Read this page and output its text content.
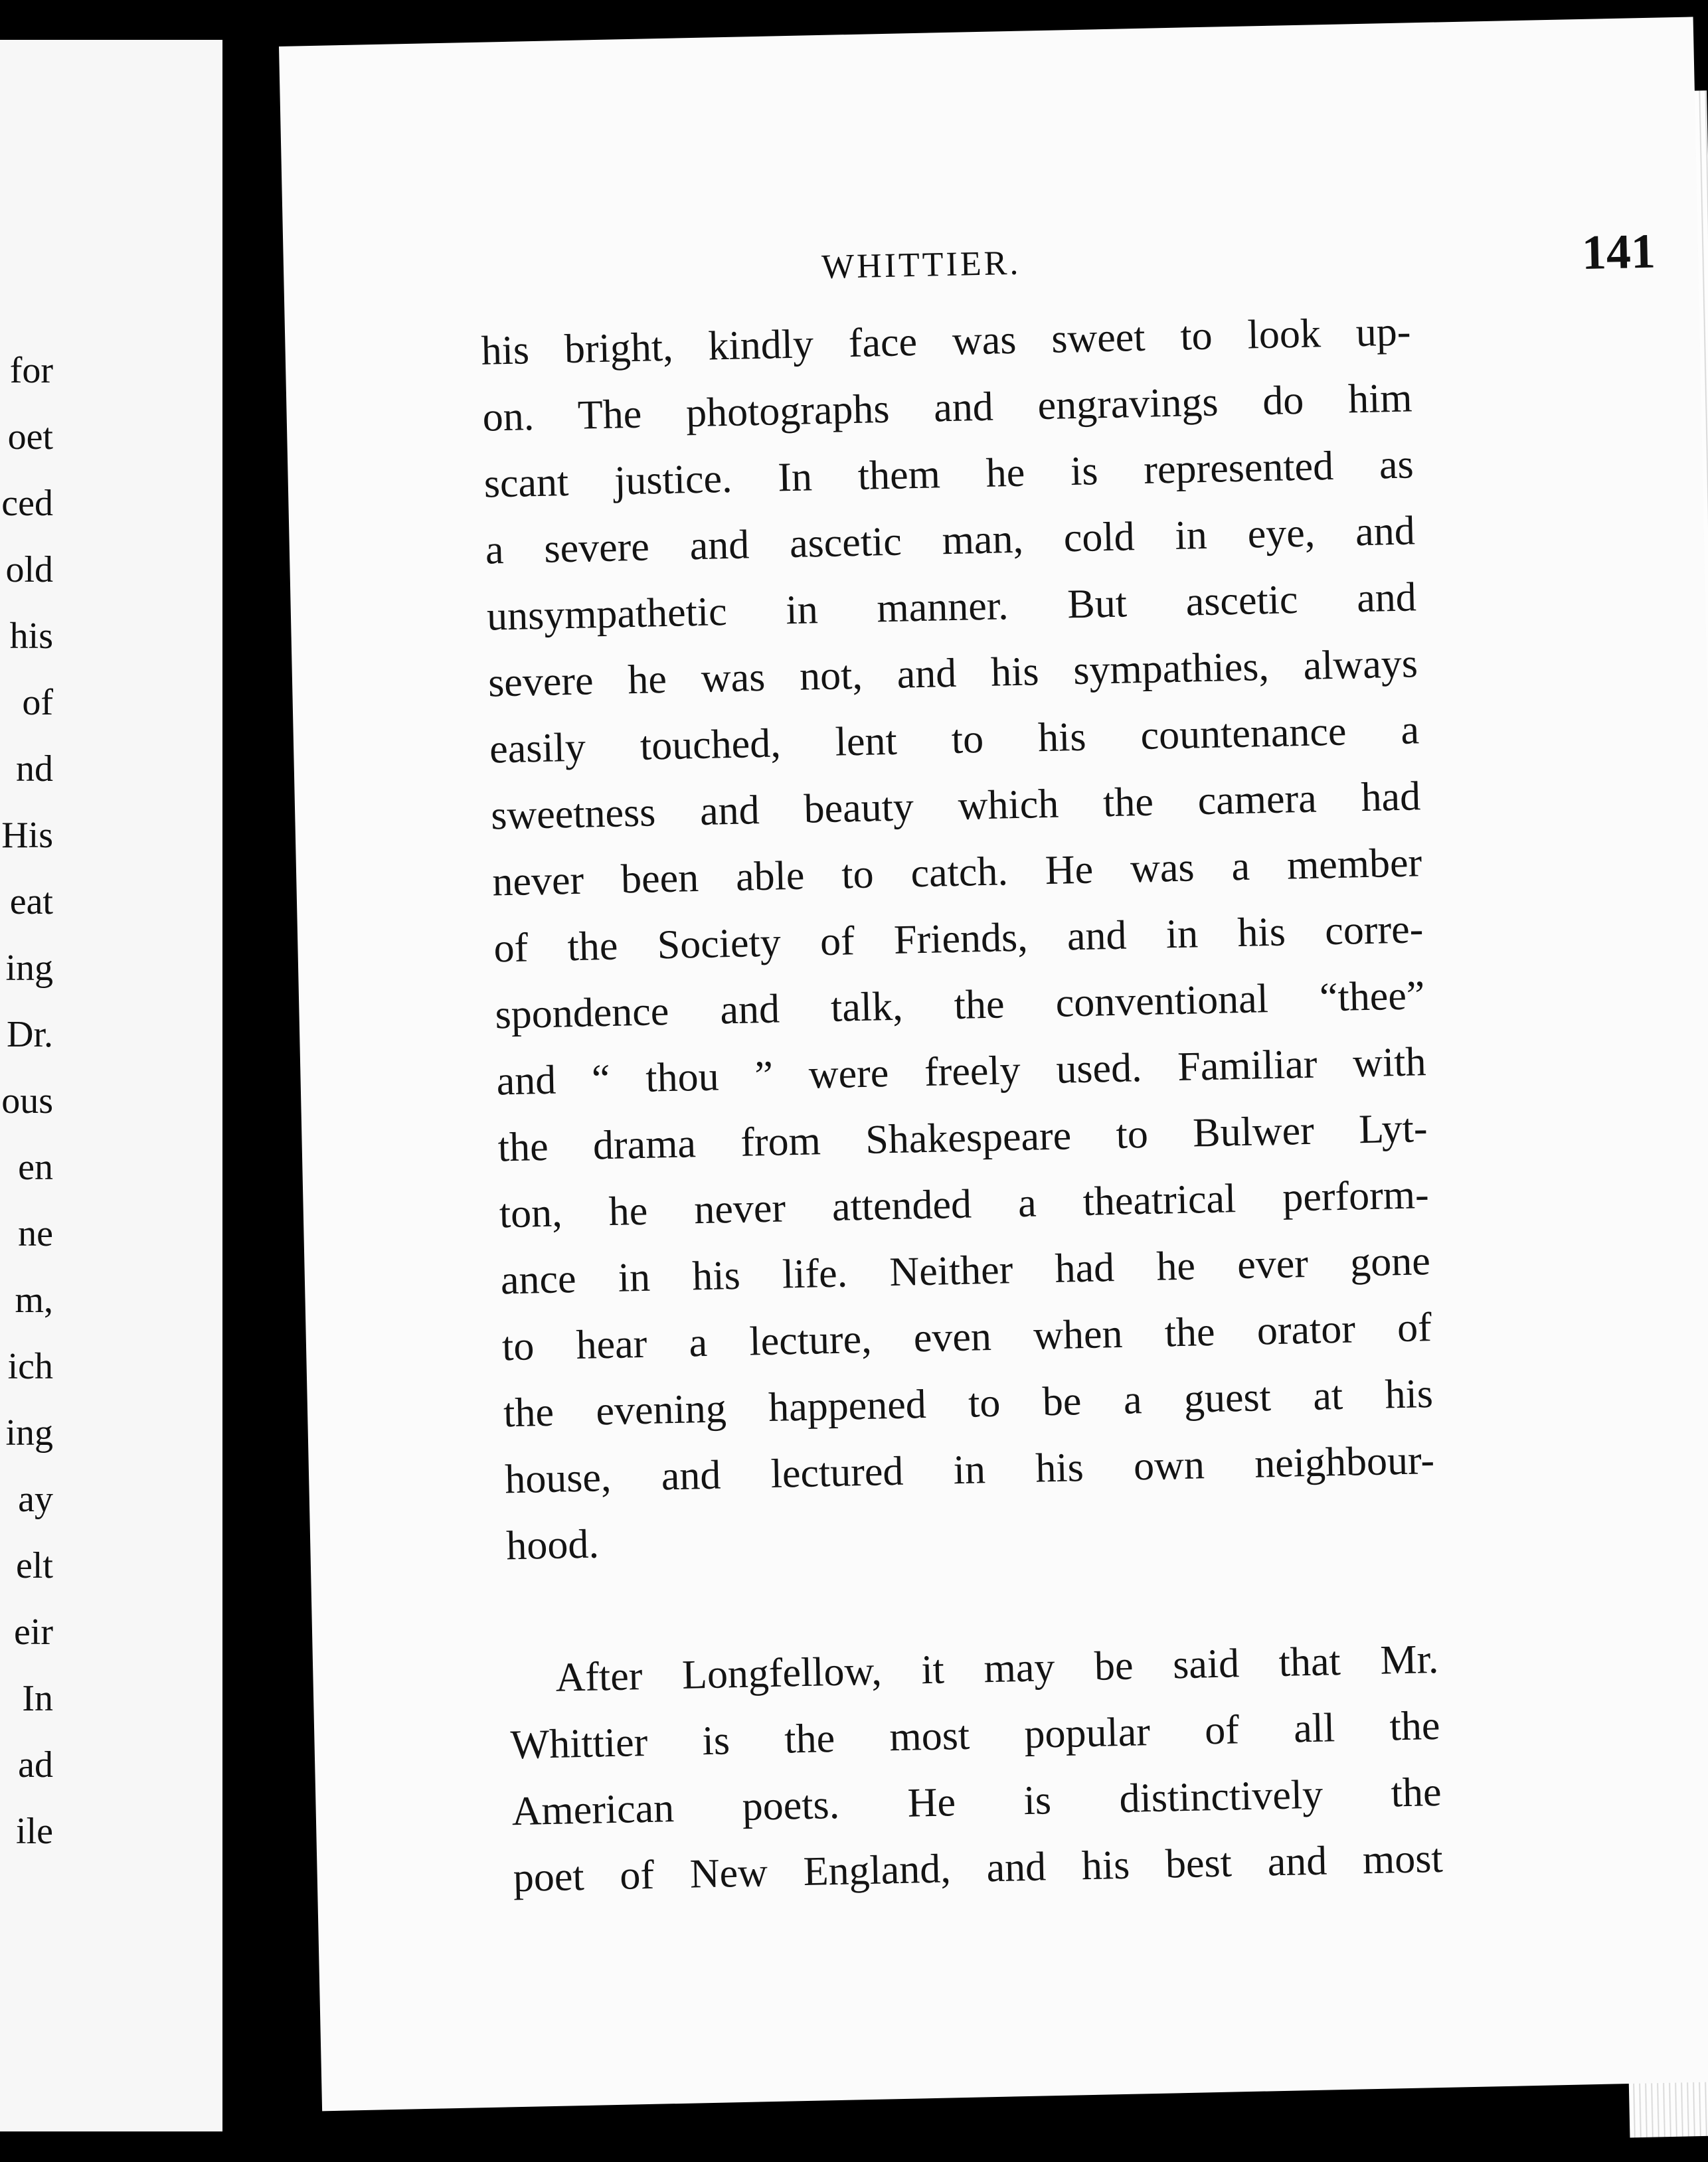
for
oet
ced
old
his
of
nd
His
eat
ing
Dr.
ous
en
ne
m,
ich
ing
ay
elt
eir
In
ad
ile
WHITTIER.	141
his bright, kindly face was sweet to look up-
on. The photographs and engravings do him
scant justice. In them he is represented as
a severe and ascetic man, cold in eye, and
unsympathetic in manner. But ascetic and
severe he was not, and his sympathies, always
easily touched, lent to his countenance a
sweetness and beauty which the camera had
never been able to catch. He was a member
of the Society of Friends, and in his corre-
spondence and talk, the conventional “thee”
and “ thou ” were freely used. Familiar with
the drama from Shakespeare to Bulwer Lyt-
ton, he never attended a theatrical perform-
ance in his life. Neither had he ever gone
to hear a lecture, even when the orator of
the evening happened to be a guest at his
house, and lectured in his own neighbour-
hood.
After Longfellow, it may be said that Mr.
Whittier is the most popular of all the
American poets. He is distinctively the
poet of New England, and his best and most
